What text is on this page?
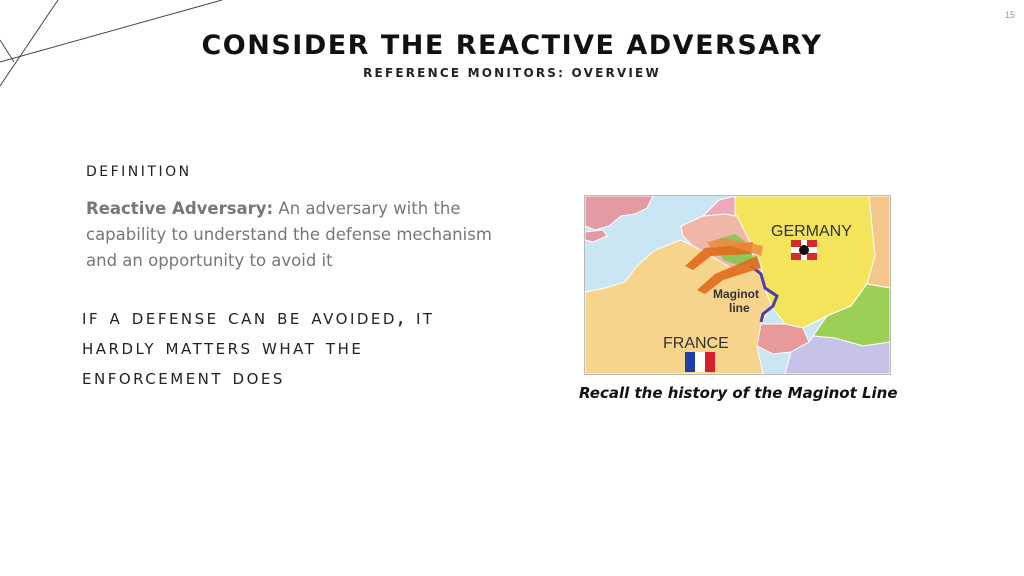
15
CONSIDER THE REACTIVE ADVERSARY
REFERENCE MONITORS: OVERVIEW
definition
Reactive Adversary: An adversary with the capability to understand the defense mechanism and an opportunity to avoid it
if a defense can be avoided, it hardly matters what the enforcement does
GERMANY
FRANCE
Maginot
line
Recall the history of the Maginot Line
